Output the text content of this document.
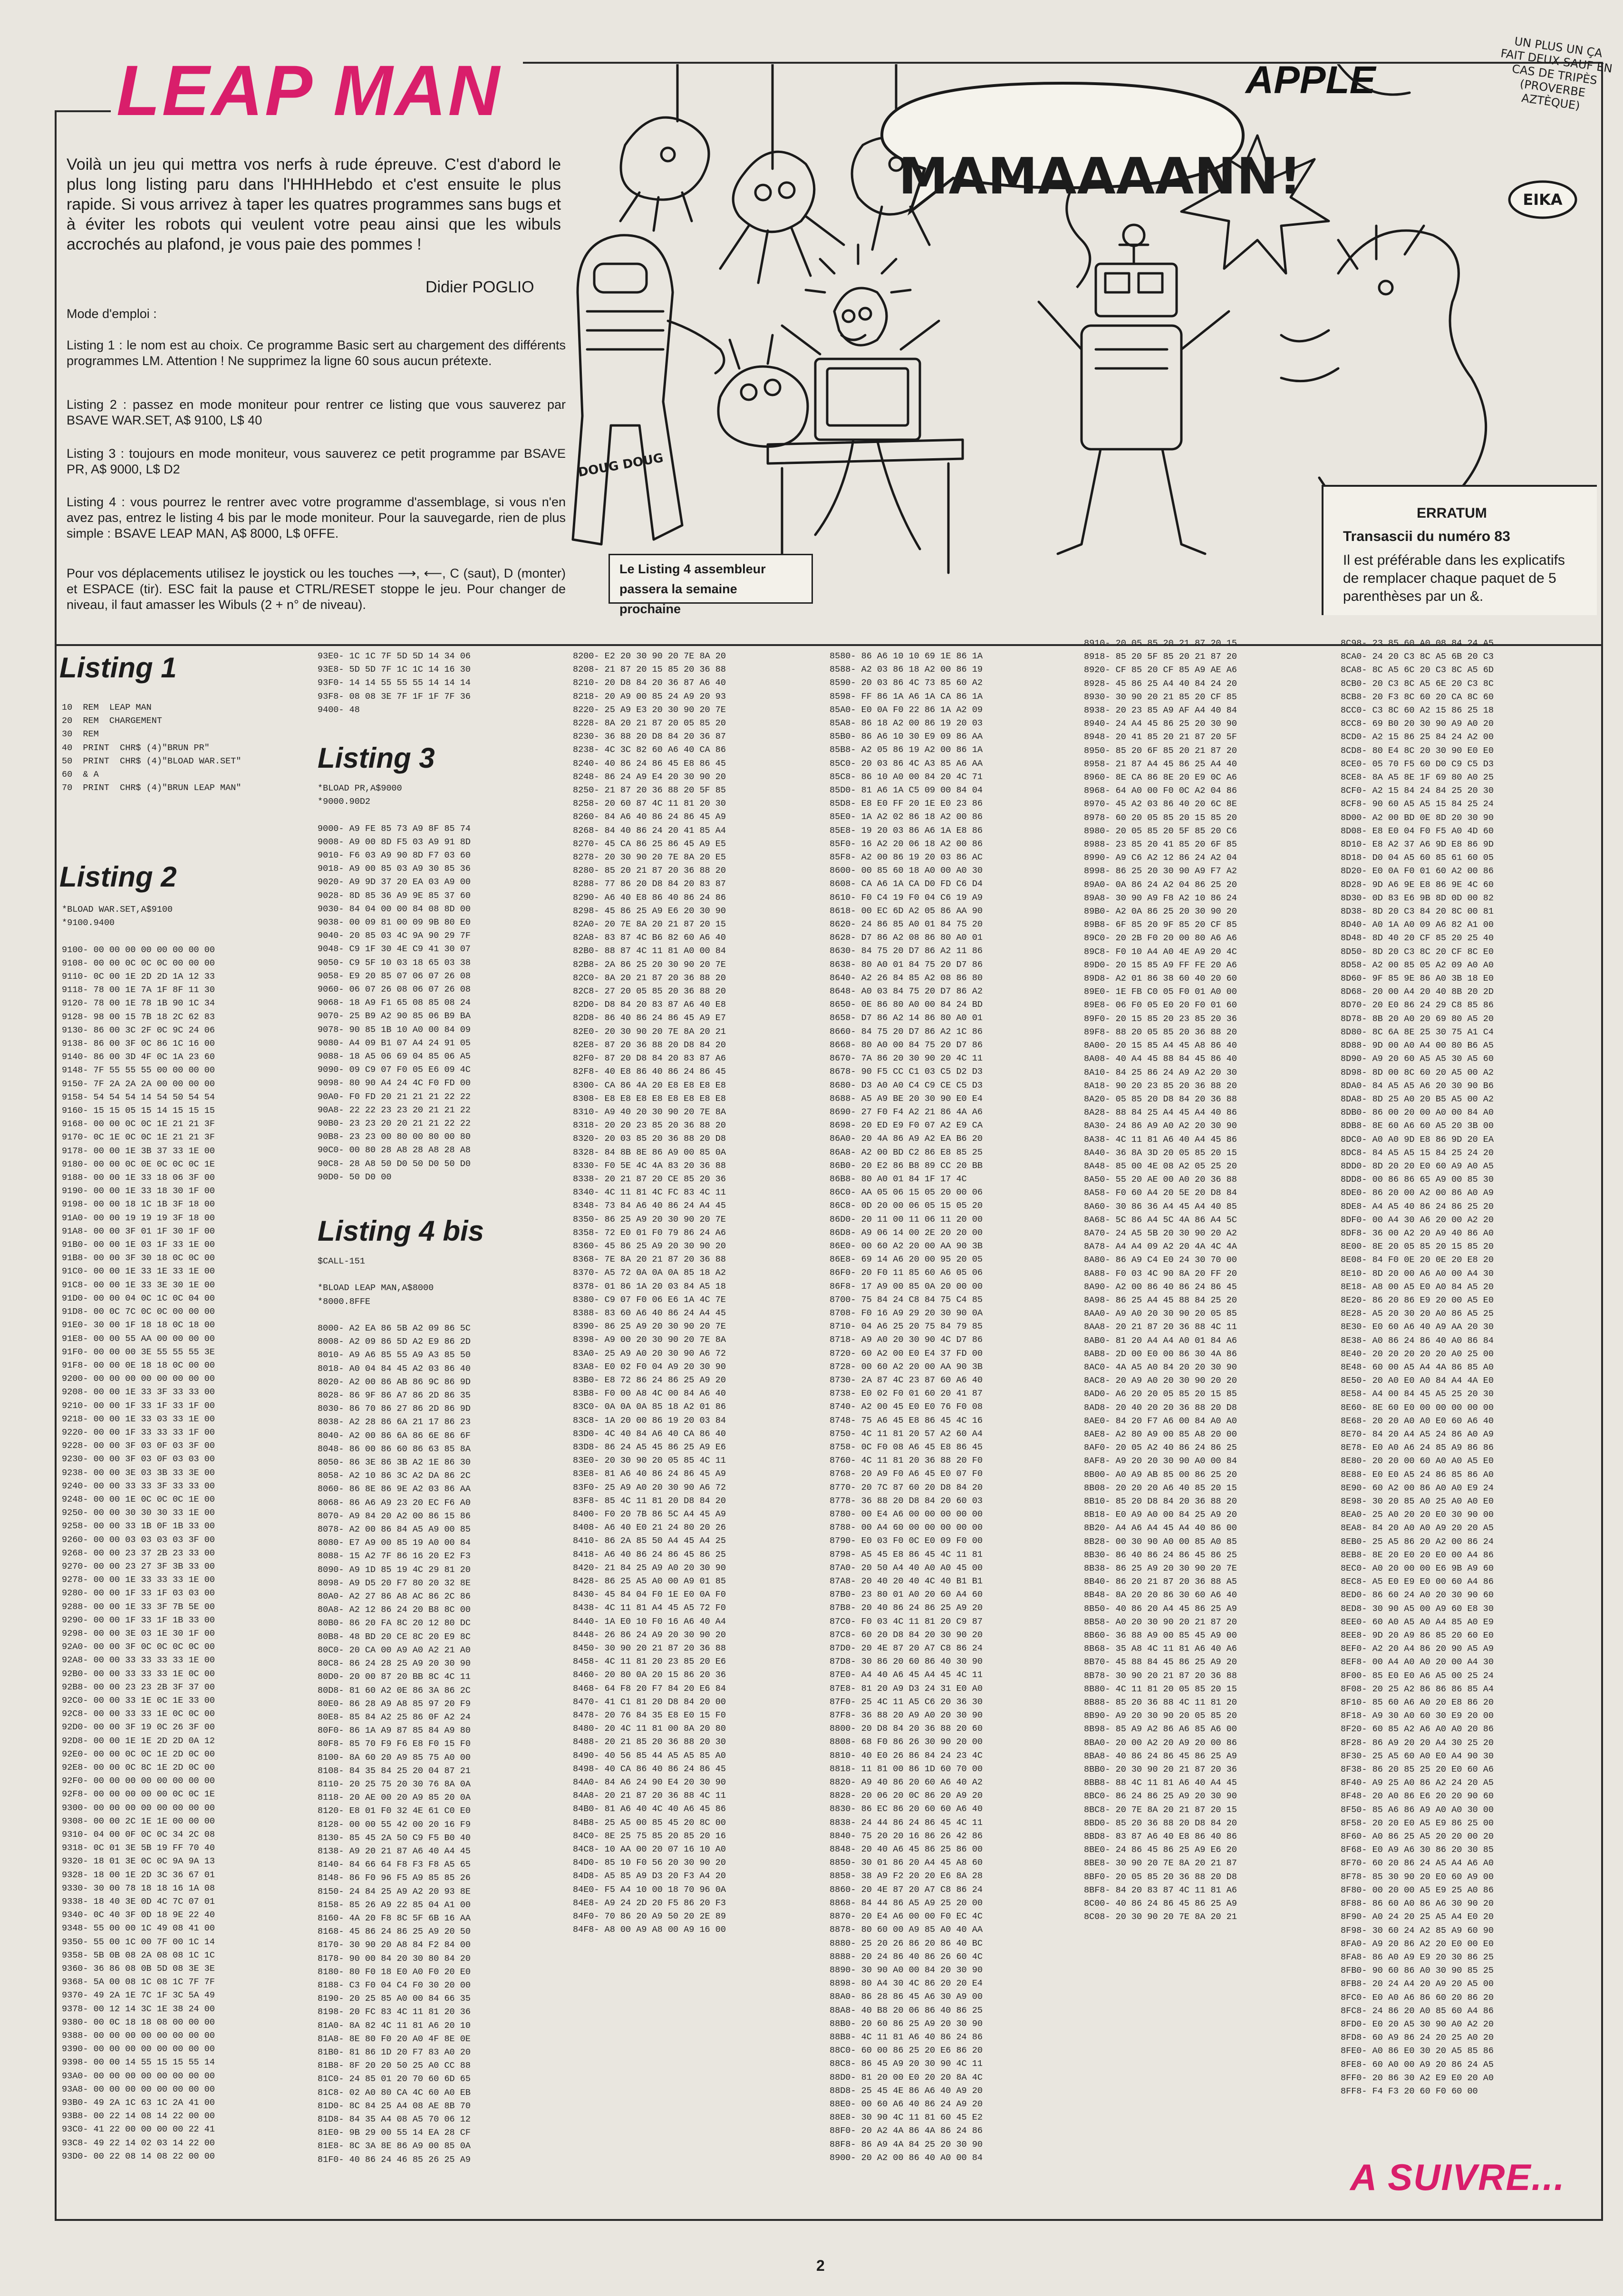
LEAP MAN	APPLE
UN PLUS UN ÇA FAIT DEUX SAUF EN CAS DE TRIPÈS (PROVERBE AZTÈQUE)
Voilà un jeu qui mettra vos nerfs à rude épreuve. C'est d'abord le plus long listing paru dans l'HHHHebdo et c'est ensuite le plus rapide. Si vous arrivez à taper les quatres programmes sans bugs et à éviter les robots qui veulent votre peau ainsi que les wibuls accrochés au plafond, je vous paie des pommes !
Didier POGLIO
Mode d'emploi :
Listing 1 : le nom est au choix. Ce programme Basic sert au chargement des différents programmes LM. Attention ! Ne supprimez la ligne 60 sous aucun prétexte.
Listing 2 : passez en mode moniteur pour rentrer ce listing que vous sauverez par BSAVE WAR.SET, A$ 9100, L$ 40
Listing 3 : toujours en mode moniteur, vous sauverez ce petit programme par BSAVE PR, A$ 9000, L$ D2
Listing 4 : vous pourrez le rentrer avec votre programme d'assemblage, si vous n'en avez pas, entrez le listing 4 bis par le mode moniteur. Pour la sauvegarde, rien de plus simple : BSAVE LEAP MAN, A$ 8000, L$ 0FFE.
Pour vos déplacements utilisez le joystick ou les touches ⟶, ⟵, C (saut), D (monter) et ESPACE (tir). ESC fait la pause et CTRL/RESET stoppe le jeu. Pour changer de niveau, il faut amasser les Wibuls (2 + n° de niveau).
EIKA
MAMAAAANN!
DOUG DOUG
Le Listing 4 assembleur passera la semaine prochaine
ERRATUM
Transascii du numéro 83
Il est préférable dans les explicatifs de remplacer chaque paquet de 5 parenthèses par un &.
Listing 1
Listing 2
Listing 3
Listing 4 bis
10  REM  LEAP MAN
20  REM  CHARGEMENT
30  REM
40  PRINT  CHR$ (4)"BRUN PR"
50  PRINT  CHR$ (4)"BLOAD WAR.SET"
60  & A
70  PRINT  CHR$ (4)"BRUN LEAP MAN"
*BLOAD WAR.SET,A$9100
*9100.9400

9100- 00 00 00 00 00 00 00 00
9108- 00 00 0C 0C 0C 00 00 00
9110- 0C 00 1E 2D 2D 1A 12 33
9118- 78 00 1E 7A 1F 8F 11 30
9120- 78 00 1E 78 1B 90 1C 34
9128- 98 00 15 7B 18 2C 62 83
9130- 86 00 3C 2F 0C 9C 24 06
9138- 86 00 3F 0C 86 1C 16 00
9140- 86 00 3D 4F 0C 1A 23 60
9148- 7F 55 55 55 00 00 00 00
9150- 7F 2A 2A 2A 00 00 00 00
9158- 54 54 54 14 54 50 54 54
9160- 15 15 05 15 14 15 15 15
9168- 00 00 0C 0C 1E 21 21 3F
9170- 0C 1E 0C 0C 1E 21 21 3F
9178- 00 00 1E 3B 37 33 1E 00
9180- 00 00 0C 0E 0C 0C 0C 1E
9188- 00 00 1E 33 18 06 3F 00
9190- 00 00 1E 33 18 30 1F 00
9198- 00 00 18 1C 1B 3F 18 00
91A0- 00 00 19 19 19 3F 18 00
91A8- 00 00 3F 01 1F 30 1F 00
91B0- 00 00 1E 03 1F 33 1E 00
91B8- 00 00 3F 30 18 0C 0C 00
91C0- 00 00 1E 33 1E 33 1E 00
91C8- 00 00 1E 33 3E 30 1E 00
91D0- 00 00 04 0C 1C 0C 04 00
91D8- 00 0C 7C 0C 0C 00 00 00
91E0- 30 00 1F 18 18 0C 18 00
91E8- 00 00 55 AA 00 00 00 00
91F0- 00 00 00 3E 55 55 55 3E
91F8- 00 00 0E 18 18 0C 00 00
9200- 00 00 00 00 00 00 00 00
9208- 00 00 1E 33 3F 33 33 00
9210- 00 00 1F 33 1F 33 1F 00
9218- 00 00 1E 33 03 33 1E 00
9220- 00 00 1F 33 33 33 1F 00
9228- 00 00 3F 03 0F 03 3F 00
9230- 00 00 3F 03 0F 03 03 00
9238- 00 00 3E 03 3B 33 3E 00
9240- 00 00 33 33 3F 33 33 00
9248- 00 00 1E 0C 0C 0C 1E 00
9250- 00 00 30 30 30 33 1E 00
9258- 00 00 33 1B 0F 1B 33 00
9260- 00 00 03 03 03 03 3F 00
9268- 00 00 23 37 2B 23 33 00
9270- 00 00 23 27 3F 3B 33 00
9278- 00 00 1E 33 33 33 1E 00
9280- 00 00 1F 33 1F 03 03 00
9288- 00 00 1E 33 3F 7B 5E 00
9290- 00 00 1F 33 1F 1B 33 00
9298- 00 00 3E 03 1E 30 1F 00
92A0- 00 00 3F 0C 0C 0C 0C 00
92A8- 00 00 33 33 33 33 1E 00
92B0- 00 00 33 33 33 1E 0C 00
92B8- 00 00 23 23 2B 3F 37 00
92C0- 00 00 33 1E 0C 1E 33 00
92C8- 00 00 33 33 1E 0C 0C 00
92D0- 00 00 3F 19 0C 26 3F 00
92D8- 00 00 1E 1E 2D 2D 0A 12
92E0- 00 00 0C 0C 1E 2D 0C 00
92E8- 00 00 0C 8C 1E 2D 0C 00
92F0- 00 00 00 00 00 00 00 00
92F8- 00 00 00 00 00 0C 0C 1E
9300- 00 00 00 00 00 00 00 00
9308- 00 00 2C 1E 1E 00 00 00
9310- 04 00 0F 0C 0C 34 2C 08
9318- 0C 01 3E 5B 19 FF 70 40
9320- 18 01 3E 0C 0C 9A 9A 13
9328- 18 00 1E 2D 3C 36 67 01
9330- 30 00 78 18 18 16 1A 08
9338- 18 40 3E 0D 4C 7C 07 01
9340- 0C 40 3F 0D 18 9E 22 40
9348- 55 00 00 1C 49 08 41 00
9350- 55 00 1C 00 7F 00 1C 14
9358- 5B 0B 08 2A 08 08 1C 1C
9360- 36 86 08 0B 5D 08 3E 3E
9368- 5A 00 08 1C 08 1C 7F 7F
9370- 49 2A 1E 7C 1F 3C 5A 49
9378- 00 12 14 3C 1E 38 24 00
9380- 00 0C 18 18 08 00 00 00
9388- 00 00 00 00 00 00 00 00
9390- 00 00 00 00 00 00 00 00
9398- 00 00 14 55 15 15 55 14
93A0- 00 00 00 00 00 00 00 00
93A8- 00 00 00 00 00 00 00 00
93B0- 49 2A 1C 63 1C 2A 41 00
93B8- 00 22 14 08 14 22 00 00
93C0- 41 22 00 00 00 00 22 41
93C8- 49 22 14 02 03 14 22 00
93D0- 00 22 08 14 08 22 00 00
93E0- 1C 1C 7F 5D 5D 14 34 06
93E8- 5D 5D 7F 1C 1C 14 16 30
93F0- 14 14 55 55 55 14 14 14
93F8- 08 08 3E 7F 1F 1F 7F 36
9400- 48
*BLOAD PR,A$9000
*9000.90D2

9000- A9 FE 85 73 A9 8F 85 74
9008- A9 00 8D F5 03 A9 91 8D
9010- F6 03 A9 90 8D F7 03 60
9018- A9 00 85 03 A9 30 85 36
9020- A9 9D 37 20 EA 03 A9 00
9028- 8D 85 36 A9 9E 85 37 60
9030- 84 04 00 00 84 08 8D 00
9038- 00 09 81 00 09 9B 80 E0
9040- 20 85 03 4C 9A 90 29 7F
9048- C9 1F 30 4E C9 41 30 07
9050- C9 5F 10 03 18 65 03 38
9058- E9 20 85 07 06 07 26 08
9060- 06 07 26 08 06 07 26 08
9068- 18 A9 F1 65 08 85 08 24
9070- 25 B9 A2 90 85 06 B9 BA
9078- 90 85 1B 10 A0 00 84 09
9080- A4 09 B1 07 A4 24 91 05
9088- 18 A5 06 69 04 85 06 A5
9090- 09 C9 07 F0 05 E6 09 4C
9098- 80 90 A4 24 4C F0 FD 00
90A0- F0 FD 20 21 21 21 22 22
90A8- 22 22 23 23 20 21 21 22
90B0- 23 23 20 20 21 21 22 22
90B8- 23 23 00 80 00 80 00 80
90C0- 00 80 28 A8 28 A8 28 A8
90C8- 28 A8 50 D0 50 D0 50 D0
90D0- 50 D0 00
$CALL-151

*BLOAD LEAP MAN,A$8000
*8000.8FFE

8000- A2 EA 86 5B A2 09 86 5C
8008- A2 09 86 5D A2 E9 86 2D
8010- A9 A6 85 55 A9 A3 85 50
8018- A0 04 84 45 A2 03 86 40
8020- A2 00 86 AB 86 9C 86 9D
8028- 86 9F 86 A7 86 2D 86 35
8030- 86 70 86 27 86 2D 86 9D
8038- A2 28 86 6A 21 17 86 23
8040- A2 00 86 6A 86 6E 86 6F
8048- 86 00 86 60 86 63 85 8A
8050- 86 3E 86 3B A2 1E 86 30
8058- A2 10 86 3C A2 DA 86 2C
8060- 86 8E 86 9E A2 03 86 AA
8068- 86 A6 A9 23 20 EC F6 A0
8070- A9 84 20 A2 00 86 15 86
8078- A2 00 86 84 A5 A9 00 85
8080- E7 A9 00 85 19 A0 00 84
8088- 15 A2 7F 86 16 20 E2 F3
8090- A9 1D 85 19 4C 29 81 20
8098- A9 D5 20 F7 80 20 32 8E
80A0- A2 27 86 A8 AC 86 2C 86
80A8- A2 12 86 24 20 B8 8C 00
80B0- 86 20 FA 8C 20 12 80 DC
80B8- 48 BD 20 CE 8C 20 E9 8C
80C0- 20 CA 00 A9 A0 A2 21 A0
80C8- 86 24 28 25 A9 20 30 90
80D0- 20 00 87 20 BB 8C 4C 11
80D8- 81 60 A2 0E 86 3A 86 2C
80E0- 86 28 A9 A8 85 97 20 F9
80E8- 85 84 A2 25 86 0F A2 24
80F0- 86 1A A9 87 85 84 A9 80
80F8- 85 70 F9 F6 E8 F0 15 F0
8100- 8A 60 20 A9 85 75 A0 00
8108- 84 35 84 25 20 04 87 21
8110- 20 25 75 20 30 76 8A 0A
8118- 20 AE 00 20 A9 85 20 0A
8120- E8 01 F0 32 4E 61 C0 E0
8128- 00 00 55 42 00 20 16 F9
8130- 85 45 2A 50 C9 F5 B0 40
8138- A9 20 21 87 A6 40 A4 45
8140- 84 66 64 F8 F3 F8 A5 65
8148- 86 F0 96 F5 A9 85 85 26
8150- 24 84 25 A9 A2 20 93 8E
8158- 85 26 A9 22 85 04 A1 00
8160- 4A 20 F8 8C 5F 6B 16 AA
8168- 45 86 24 86 25 A9 20 50
8170- 30 90 20 A8 84 F2 84 00
8178- 90 00 84 20 30 80 84 20
8180- 80 F0 18 E0 A0 F0 20 E0
8188- C3 F0 04 C4 F0 30 20 00
8190- 20 25 85 A0 00 84 66 35
8198- 20 FC 83 4C 11 81 20 36
81A0- 8A 82 4C 11 81 A6 20 10
81A8- 8E 80 F0 20 A0 4F 8E 0E
81B0- 81 86 1D 20 F7 83 A0 20
81B8- 8F 20 20 50 25 A0 CC 88
81C0- 24 85 01 20 70 60 6D 65
81C8- 02 A0 80 CA 4C 60 A0 EB
81D0- 8C 84 25 A4 08 AE 8B 70
81D8- 84 35 A4 08 A5 70 06 12
81E0- 9B 29 00 55 14 EA 28 CF
81E8- 8C 3A 8E 86 A9 00 85 0A
81F0- 40 86 24 46 85 26 25 A9
8200- E2 20 30 90 20 7E 8A 20
8208- 21 87 20 15 85 20 36 88
8210- 20 D8 84 20 36 87 A6 40
8218- 20 A9 00 85 24 A9 20 93
8220- 25 A9 E3 20 30 90 20 7E
8228- 8A 20 21 87 20 05 85 20
8230- 36 88 20 D8 84 20 36 87
8238- 4C 3C 82 60 A6 40 CA 86
8240- 40 86 24 86 45 E8 86 45
8248- 86 24 A9 E4 20 30 90 20
8250- 21 87 20 36 88 20 5F 85
8258- 20 60 87 4C 11 81 20 30
8260- 84 A6 40 86 24 86 45 A9
8268- 84 40 86 24 20 41 85 A4
8270- 45 CA 86 25 86 45 A9 E5
8278- 20 30 90 20 7E 8A 20 E5
8280- 85 20 21 87 20 36 88 20
8288- 77 86 20 D8 84 20 83 87
8290- A6 40 E8 86 40 86 24 86
8298- 45 86 25 A9 E6 20 30 90
82A0- 20 7E 8A 20 21 87 20 15
82A8- 83 87 4C B6 82 60 A6 40
82B0- 88 87 4C 11 81 A0 00 84
82B8- 2A 86 25 20 30 90 20 7E
82C0- 8A 20 21 87 20 36 88 20
82C8- 27 20 05 85 20 36 88 20
82D0- D8 84 20 83 87 A6 40 E8
82D8- 86 40 86 24 86 45 A9 E7
82E0- 20 30 90 20 7E 8A 20 21
82E8- 87 20 36 88 20 D8 84 20
82F0- 87 20 D8 84 20 83 87 A6
82F8- 40 E8 86 40 86 24 86 45
8300- CA 86 4A 20 E8 E8 E8 E8
8308- E8 E8 E8 E8 E8 E8 E8 E8
8310- A9 40 20 30 90 20 7E 8A
8318- 20 20 23 85 20 36 88 20
8320- 20 03 85 20 36 88 20 D8
8328- 84 8B 8E 86 A9 00 85 0A
8330- F0 5E 4C 4A 83 20 36 88
8338- 20 21 87 20 CE 85 20 36
8340- 4C 11 81 4C FC 83 4C 11
8348- 73 84 A6 40 86 24 A4 45
8350- 86 25 A9 20 30 90 20 7E
8358- 72 E0 01 F0 79 86 24 A6
8360- 45 86 25 A9 20 30 90 20
8368- 7E 8A 20 21 87 20 36 88
8370- A5 72 0A 0A 0A 85 18 A2
8378- 01 86 1A 20 03 84 A5 18
8380- C9 07 F0 06 E6 1A 4C 7E
8388- 83 60 A6 40 86 24 A4 45
8390- 86 25 A9 20 30 90 20 7E
8398- A9 00 20 30 90 20 7E 8A
83A0- 25 A9 A0 20 30 90 A6 72
83A8- E0 02 F0 04 A9 20 30 90
83B0- E8 72 86 24 86 25 A9 20
83B8- F0 00 A8 4C 00 84 A6 40
83C0- 0A 0A 0A 85 18 A2 01 86
83C8- 1A 20 00 86 19 20 03 84
83D0- 4C 40 84 A6 40 CA 86 40
83D8- 86 24 A5 45 86 25 A9 E6
83E0- 20 30 90 20 05 85 4C 11
83E8- 81 A6 40 86 24 86 45 A9
83F0- 25 A9 A0 20 30 90 A6 72
83F8- 85 4C 11 81 20 D8 84 20
8400- F0 20 7B 86 5C A4 45 A9
8408- A6 40 E0 21 24 80 20 26
8410- 86 2A 85 50 A4 45 A4 25
8418- A6 40 86 24 86 45 86 25
8420- 21 84 25 A9 A0 20 30 90
8428- 86 25 A5 A0 00 A9 01 85
8430- 45 84 04 F0 1E E0 0A F0
8438- 4C 11 81 A4 45 A5 72 F0
8440- 1A E0 10 F0 16 A6 40 A4
8448- 26 86 24 A9 20 30 90 20
8450- 30 90 20 21 87 20 36 88
8458- 4C 11 81 20 23 85 20 E6
8460- 20 80 0A 20 15 86 20 36
8468- 64 F8 20 F7 84 20 E6 84
8470- 41 C1 81 20 D8 84 20 00
8478- 20 76 84 35 E8 E0 15 F0
8480- 20 4C 11 81 00 8A 20 80
8488- 20 21 85 20 36 88 20 30
8490- 40 56 85 44 A5 A5 85 A0
8498- 40 CA 86 40 86 24 86 45
84A0- 84 A6 24 90 E4 20 30 90
84A8- 20 21 87 20 36 88 4C 11
84B0- 81 A6 40 4C 40 A6 45 86
84B8- 25 A5 00 85 45 20 8C 00
84C0- 8E 25 75 85 20 85 20 16
84C8- 10 AA 00 20 07 16 10 A0
84D0- 85 10 F0 56 20 30 90 20
84D8- A5 85 A9 D3 20 F3 A4 20
84E0- F5 A4 10 00 18 70 96 0A
84E8- A9 24 2D 20 F5 86 20 F3
84F0- 70 86 20 A9 50 20 2E 89
84F8- A8 00 A9 A8 00 A9 16 00
8580- 86 A6 10 10 69 1E 86 1A
8588- A2 03 86 18 A2 00 86 19
8590- 20 03 86 4C 73 85 60 A2
8598- FF 86 1A A6 1A CA 86 1A
85A0- E0 0A F0 22 86 1A A2 09
85A8- 86 18 A2 00 86 19 20 03
85B0- 86 A6 10 30 E9 09 86 AA
85B8- A2 05 86 19 A2 00 86 1A
85C0- 20 03 86 4C A3 85 A6 AA
85C8- 86 10 A0 00 84 20 4C 71
85D0- 81 A6 1A C5 09 00 84 04
85D8- E8 E0 FF 20 1E E0 23 86
85E0- 1A A2 02 86 18 A2 00 86
85E8- 19 20 03 86 A6 1A E8 86
85F0- 16 A2 20 06 18 A2 00 86
85F8- A2 00 86 19 20 03 86 AC
8600- 00 85 60 18 A0 00 A0 30
8608- CA A6 1A CA D0 FD C6 D4
8610- F0 C4 19 F0 04 C6 19 A9
8618- 00 EC 6D A2 05 86 AA 90
8620- 24 86 85 A0 01 84 75 20
8628- D7 86 A2 08 86 80 A0 01
8630- 84 75 20 D7 86 A2 11 86
8638- 80 A0 01 84 75 20 D7 86
8640- A2 26 84 85 A2 08 86 80
8648- A0 03 84 75 20 D7 86 A2
8650- 0E 86 80 A0 00 84 24 BD
8658- D7 86 A2 14 86 80 A0 01
8660- 84 75 20 D7 86 A2 1C 86
8668- 80 A0 00 84 75 20 D7 86
8670- 7A 86 20 30 90 20 4C 11
8678- 90 F5 CC C1 03 C5 D2 D3
8680- D3 A0 A0 C4 C9 CE C5 D3
8688- A5 A9 BE 20 30 90 E0 E4
8690- 27 F0 F4 A2 21 86 4A A6
8698- 20 ED E9 F0 07 A2 E9 CA
86A0- 20 4A 86 A9 A2 EA B6 20
86A8- A2 00 BD C2 86 E8 85 25
86B0- 20 E2 86 B8 89 CC 20 BB
86B8- 80 A0 01 84 1F 17 4C
86C0- AA 05 06 15 05 20 00 06
86C8- 0D 20 00 06 05 15 05 20
86D0- 20 11 00 11 06 11 20 00
86D8- A9 06 14 00 2E 20 20 00
86E0- 00 60 A2 20 00 AA 90 3B
86E8- 69 14 A6 20 00 95 20 05
86F0- 20 F0 11 85 60 A6 05 06
86F8- 17 A9 00 85 0A 20 00 00
8700- 75 84 24 C8 84 75 C4 85
8708- F0 16 A9 29 20 30 90 0A
8710- 04 A6 25 20 75 84 79 85
8718- A9 A0 20 30 90 4C D7 86
8720- 60 A2 00 E0 E4 37 FD 00
8728- 00 60 A2 20 00 AA 90 3B
8730- 2A 87 4C 23 87 60 A6 40
8738- E0 02 F0 01 60 20 41 87
8740- A2 00 45 E0 E0 76 F0 08
8748- 75 A6 45 E8 86 45 4C 16
8750- 4C 11 81 20 57 A2 60 A4
8758- 0C F0 08 A6 45 E8 86 45
8760- 4C 11 81 20 36 88 20 F0
8768- 20 A9 F0 A6 45 E0 07 F0
8770- 20 7C 87 60 20 D8 84 20
8778- 36 88 20 D8 84 20 60 03
8780- 00 E4 A6 00 00 00 00 00
8788- 00 A4 60 00 00 00 00 00
8790- E0 03 F0 0C E0 09 F0 00
8798- A5 45 E8 86 45 4C 11 81
87A0- 20 50 A4 40 A0 A0 45 00
87A8- 20 40 20 40 4C 40 B1 B1
87B0- 23 80 01 A0 20 60 A4 60
87B8- 20 40 86 24 86 25 A9 20
87C0- F0 03 4C 11 81 20 C9 87
87C8- 60 20 D8 84 20 30 90 20
87D0- 20 4E 87 20 A7 C8 86 24
87D8- 30 86 20 60 86 40 30 90
87E0- A4 40 A6 45 A4 45 4C 11
87E8- 81 20 A9 D3 24 31 E0 A0
87F0- 25 4C 11 A5 C6 20 36 30
87F8- 36 88 20 A9 A0 20 30 90
8800- 20 D8 84 20 36 88 20 60
8808- 68 F0 86 26 30 90 20 00
8810- 40 E0 26 86 84 24 23 4C
8818- 11 81 00 86 1D 60 70 00
8820- A9 40 86 20 60 A6 40 A2
8828- 20 06 20 0C 86 20 A9 20
8830- 86 EC 86 20 60 60 A6 40
8838- 24 44 86 24 86 45 4C 11
8840- 75 20 20 16 86 26 42 86
8848- 20 40 A6 45 86 25 86 00
8850- 30 01 86 20 A4 45 A8 60
8858- 38 A9 F2 20 20 E6 8A 28
8860- 20 4E 87 20 A7 C8 86 24
8868- 84 44 86 A5 A9 25 20 00
8870- 20 E4 A6 00 00 F0 EC 4C
8878- 80 60 00 A9 85 A0 40 AA
8880- 25 20 26 86 20 86 40 BC
8888- 20 24 86 40 86 26 60 4C
8890- 30 90 A0 00 84 20 30 90
8898- 80 A4 30 4C 86 20 20 E4
88A0- 86 28 86 45 A6 30 A9 00
88A8- 40 B8 20 06 86 40 86 25
88B0- 20 60 86 25 A9 20 30 90
88B8- 4C 11 81 A6 40 86 24 86
88C0- 60 00 86 25 20 E6 86 20
88C8- 86 45 A9 20 30 90 4C 11
88D0- 81 20 00 E0 20 20 8A 4C
88D8- 25 45 4E 86 A6 40 A9 20
88E0- 00 60 A6 40 86 24 A9 20
88E8- 30 90 4C 11 81 60 45 E2
88F0- 20 A2 4A 86 4A 86 24 86
88F8- 86 A9 4A 84 25 20 30 90
8900- 20 A2 00 86 40 A0 00 84
8910- 20 05 85 20 21 87 20 15
8918- 85 20 5F 85 20 21 87 20
8920- CF 85 20 CF 85 A9 AE A6
8928- 45 86 25 A4 40 84 24 20
8930- 30 90 20 21 85 20 CF 85
8938- 20 23 85 A9 AF A4 40 84
8940- 24 A4 45 86 25 20 30 90
8948- 20 41 85 20 21 87 20 5F
8950- 85 20 6F 85 20 21 87 20
8958- 21 87 A4 45 86 25 A4 40
8960- 8E CA 86 8E 20 E9 0C A6
8968- 64 A0 00 F0 0C A2 04 86
8970- 45 A2 03 86 40 20 6C 8E
8978- 60 20 05 85 20 15 85 20
8980- 20 05 85 20 5F 85 20 C6
8988- 23 85 20 41 85 20 6F 85
8990- A9 C6 A2 12 86 24 A2 04
8998- 86 25 20 30 90 A9 F7 A2
89A0- 0A 86 24 A2 04 86 25 20
89A8- 30 90 A9 F8 A2 10 86 24
89B0- A2 0A 86 25 20 30 90 20
89B8- 6F 85 20 9F 85 20 CF 85
89C0- 20 2B F0 20 00 80 A6 A6
89C8- F0 10 A4 A0 4E A9 20 4C
89D0- 20 15 85 A9 FF FE 20 A6
89D8- A2 01 86 38 60 40 20 60
89E0- 1E FB C0 05 F0 01 A0 00
89E8- 06 F0 05 E0 20 F0 01 60
89F0- 20 15 85 20 23 85 20 36
89F8- 88 20 05 85 20 36 88 20
8A00- 20 15 85 A4 45 A8 86 40
8A08- 40 A4 45 88 84 45 86 40
8A10- 84 25 86 24 A9 A2 20 30
8A18- 90 20 23 85 20 36 88 20
8A20- 05 85 20 D8 84 20 36 88
8A28- 88 84 25 A4 45 A4 40 86
8A30- 24 86 A9 A0 A2 20 30 90
8A38- 4C 11 81 A6 40 A4 45 86
8A40- 36 8A 3D 20 05 85 20 15
8A48- 85 00 4E 08 A2 05 25 20
8A50- 55 20 AE 00 A0 20 36 88
8A58- F0 60 A4 20 5E 20 D8 84
8A60- 30 86 36 A4 45 A4 40 85
8A68- 5C 86 A4 5C 4A 86 A4 5C
8A70- 24 A5 5B 20 30 90 20 A2
8A78- A4 A4 09 A2 20 4A 4C 4A
8A80- 86 A9 C4 E0 24 30 70 00
8A88- F0 03 4C 90 8A 20 FF 20
8A90- A2 00 86 40 86 24 86 45
8A98- 86 25 A4 45 88 84 25 20
8AA0- A9 A0 20 30 90 20 05 85
8AA8- 20 21 87 20 36 88 4C 11
8AB0- 81 20 A4 A4 A0 01 84 A6
8AB8- 2D 00 E0 00 86 30 4A 86
8AC0- 4A A5 A0 84 20 20 30 90
8AC8- 20 A9 A0 20 30 90 20 20
8AD0- A6 20 20 05 85 20 15 85
8AD8- 20 40 20 20 36 88 20 D8
8AE0- 84 20 F7 A6 00 84 A0 A0
8AE8- A2 80 A9 00 85 A8 20 00
8AF0- 20 05 A2 40 86 24 86 25
8AF8- A9 20 20 30 90 A0 00 84
8B00- A0 A9 AB 85 00 86 25 20
8B08- 20 20 20 A6 40 85 20 15
8B10- 85 20 D8 84 20 36 88 20
8B18- E0 A9 A0 00 84 25 A9 20
8B20- A4 A6 A4 45 A4 40 86 00
8B28- 00 30 90 A0 00 85 A0 85
8B30- 86 40 86 24 86 45 86 25
8B38- 86 25 A9 20 30 90 20 7E
8B40- 86 20 21 87 20 36 88 A5
8B48- 8A 20 20 86 30 60 A6 40
8B50- 40 86 20 A4 45 86 25 A9
8B58- A0 20 30 90 20 21 87 20
8B60- 36 88 A9 00 85 45 A9 00
8B68- 35 A8 4C 11 81 A6 40 A6
8B70- 45 88 84 45 86 25 A9 20
8B78- 30 90 20 21 87 20 36 88
8B80- 4C 11 81 20 05 85 20 15
8B88- 85 20 36 88 4C 11 81 20
8B90- A9 20 30 90 20 05 85 20
8B98- 85 A9 A2 86 A6 85 A6 00
8BA0- 20 00 A2 20 A9 20 00 86
8BA8- 40 86 24 86 45 86 25 A9
8BB0- 20 30 90 20 21 87 20 36
8BB8- 88 4C 11 81 A6 40 A4 45
8BC0- 86 24 86 25 A9 20 30 90
8BC8- 20 7E 8A 20 21 87 20 15
8BD0- 85 20 36 88 20 D8 84 20
8BD8- 83 87 A6 40 E8 86 40 86
8BE0- 24 86 45 86 25 A9 E6 20
8BE8- 30 90 20 7E 8A 20 21 87
8BF0- 20 05 85 20 36 88 20 D8
8BF8- 84 20 83 87 4C 11 81 A6
8C00- 40 86 24 86 45 86 25 A9
8C08- 20 30 90 20 7E 8A 20 21
8C98- 23 85 60 A0 08 84 24 A5
8CA0- 24 20 C3 8C A5 6B 20 C3
8CA8- 8C A5 6C 20 C3 8C A5 6D
8CB0- 20 C3 8C A5 6E 20 C3 8C
8CB8- 20 F3 8C 60 20 CA 8C 60
8CC0- C3 8C 60 A2 15 86 25 18
8CC8- 69 B0 20 30 90 A9 A0 20
8CD0- A2 15 86 25 84 24 A2 00
8CD8- 80 E4 8C 20 30 90 E0 E0
8CE0- 05 70 F5 60 D0 C9 C5 D3
8CE8- 8A A5 8E 1F 69 80 A0 25
8CF0- A2 15 84 24 84 25 20 30
8CF8- 90 60 A5 A5 15 84 25 24
8D00- A2 00 BD 0E 8D 20 30 90
8D08- E8 E0 04 F0 F5 A0 4D 60
8D10- E8 A2 37 A6 9D E8 86 9D
8D18- D0 04 A5 60 85 61 60 05
8D20- E0 0A F0 01 60 A2 00 86
8D28- 9D A6 9E E8 86 9E 4C 60
8D30- 0D 83 E6 9B 8D 0D 00 82
8D38- 8D 20 C3 84 20 8C 00 81
8D40- A0 1A A0 09 A6 82 A1 00
8D48- 8D 40 20 CF 85 20 25 40
8D50- 8D 20 C3 8C 20 CF 8C E0
8D58- A2 00 85 05 A2 09 A0 A0
8D60- 9F 85 9E 86 A0 3B 18 E0
8D68- 20 00 A4 20 40 8B 20 2D
8D70- 20 E0 86 24 29 C8 85 86
8D78- 8B 20 A0 20 69 80 A5 20
8D80- 8C 6A 8E 25 30 75 A1 C4
8D88- 9D 00 A0 A4 00 80 B6 A5
8D90- A9 20 60 A5 A5 30 A5 60
8D98- 8D 00 8C 60 20 A5 00 A2
8DA0- 84 A5 A5 A6 20 30 90 B6
8DA8- 8D 25 A0 20 B5 A5 00 A2
8DB0- 86 00 20 00 A0 00 84 A0
8DB8- 8E 60 A6 60 A5 20 3B 00
8DC0- A0 A0 9D E8 86 9D 20 EA
8DC8- 84 A5 A5 15 84 25 24 20
8DD0- 8D 20 20 E0 60 A9 A0 A5
8DD8- 00 86 86 65 A9 00 85 30
8DE0- 86 20 00 A2 00 86 A0 A9
8DE8- A4 A5 40 86 24 86 25 20
8DF0- 00 A4 30 A6 20 00 A2 20
8DF8- 36 00 A2 20 A9 40 86 A0
8E00- 8E 20 05 85 20 15 85 20
8E08- 84 F0 0E 20 0E 20 E8 20
8E10- 8D 20 00 A6 A0 00 A4 30
8E18- A8 00 A5 E0 A0 84 A5 20
8E20- 86 20 86 E9 20 00 A5 E0
8E28- A5 20 30 20 A0 86 A5 25
8E30- E0 60 A6 40 A9 AA 20 30
8E38- A0 86 24 86 40 A0 86 84
8E40- 20 20 20 20 20 A0 25 00
8E48- 60 00 A5 A4 4A 86 85 A0
8E50- 20 A0 E0 A0 84 A4 4A E0
8E58- A4 00 84 45 A5 25 20 30
8E60- 8E 60 E0 00 00 00 00 00
8E68- 20 20 A0 A0 E0 60 A6 40
8E70- 84 20 A4 A5 24 86 A0 A9
8E78- E0 A0 A6 24 85 A9 86 86
8E80- 20 20 00 60 A0 A0 A5 E0
8E88- E0 E0 A5 24 86 85 86 A0
8E90- 60 A2 00 86 A0 A0 E9 24
8E98- 30 20 85 A0 25 A0 A0 E0
8EA0- 25 A0 20 20 E0 30 90 00
8EA8- 84 20 A0 A0 A9 20 20 A5
8EB0- 25 A5 86 20 A2 00 86 24
8EB8- 8E 20 E0 20 E0 00 A4 86
8EC0- A0 20 00 00 E6 9B A9 60
8EC8- A5 E0 E9 E0 00 60 A4 86
8ED0- 86 60 24 A0 20 30 90 60
8ED8- 30 90 A5 00 A9 60 E8 30
8EE0- 60 A0 A5 A0 A4 85 A0 E9
8EE8- 9D 20 A9 86 85 20 60 E0
8EF0- A2 20 A4 86 20 90 A5 A9
8EF8- 00 A4 A0 A0 20 00 A4 30
8F00- 85 E0 E0 A6 A5 00 25 24
8F08- 20 25 A2 86 86 86 85 A4
8F10- 85 60 A6 A0 20 E8 86 20
8F18- A9 30 A0 60 30 E9 20 00
8F20- 60 85 A2 A6 A0 A0 20 86
8F28- 86 A9 20 20 A4 30 25 20
8F30- 25 A5 60 A0 E0 A4 90 30
8F38- 86 20 85 25 20 E0 60 A6
8F40- A9 25 A0 86 A2 24 20 A5
8F48- 20 A0 86 E6 20 20 90 60
8F50- 85 A6 86 A9 A0 A0 30 00
8F58- 20 20 E0 A5 E9 86 25 00
8F60- A0 86 25 A5 20 20 00 20
8F68- E0 A9 A6 30 86 20 30 85
8F70- 60 20 86 24 A5 A4 A6 A0
8F78- 85 30 90 20 E0 60 A9 00
8F80- 00 20 00 A5 E9 25 A0 86
8F88- 86 60 A0 86 A6 30 90 20
8F90- A0 24 20 25 A5 A4 E0 20
8F98- 30 60 24 A2 85 A9 60 90
8FA0- A9 20 86 A2 20 E0 00 E0
8FA8- 86 A0 A9 E9 20 30 86 25
8FB0- 90 60 86 A0 30 90 85 25
8FB8- 20 24 A4 20 A9 20 A5 00
8FC0- E0 A0 A6 86 60 20 86 20
8FC8- 24 86 20 A0 85 60 A4 86
8FD0- E0 20 A5 30 90 A0 A2 20
8FD8- 60 A9 86 24 20 25 A0 20
8FE0- A0 86 E0 30 20 A5 85 86
8FE8- 60 A0 00 A9 20 86 24 A5
8FF0- 20 86 30 A2 E9 E0 20 A0
8FF8- F4 F3 20 60 F0 60 00
A SUIVRE...
2
